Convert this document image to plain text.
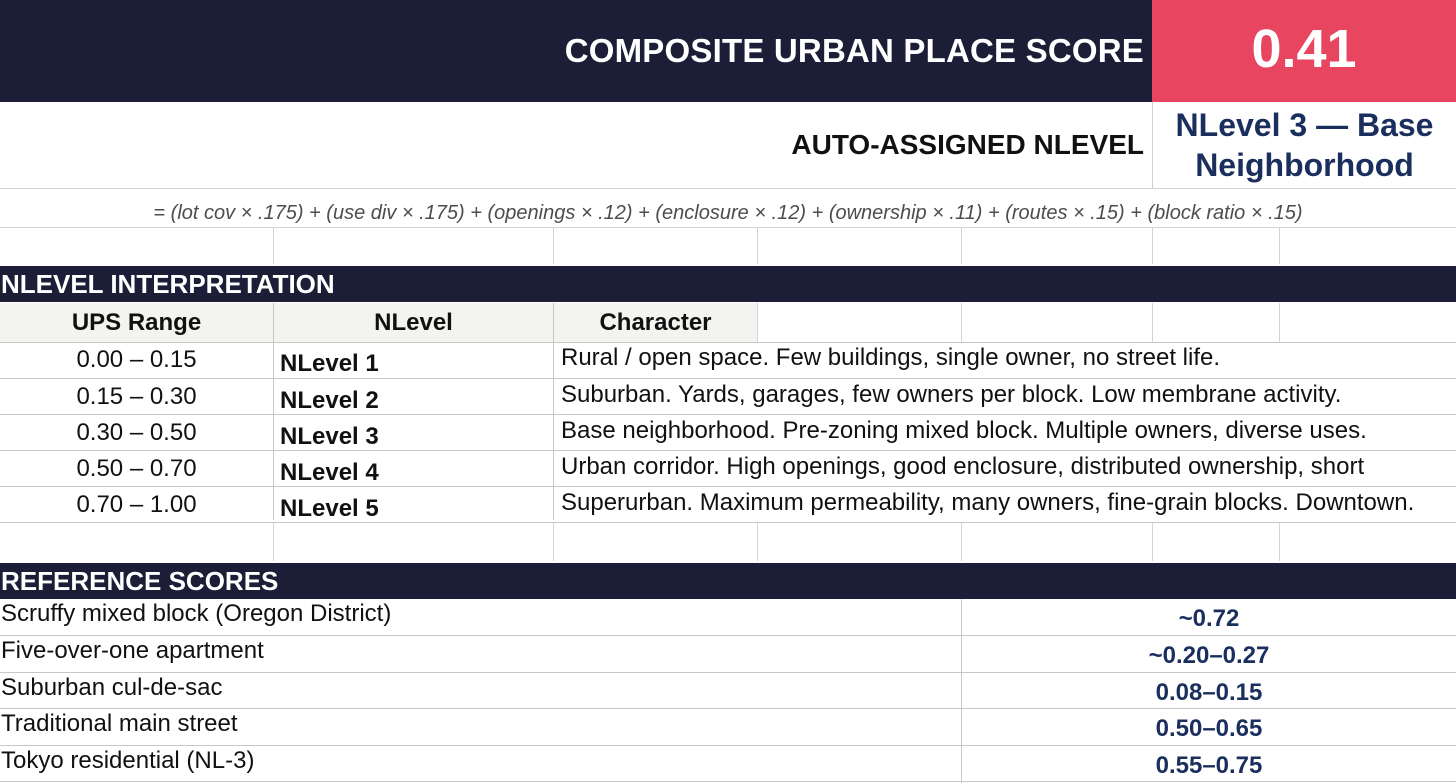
COMPOSITE URBAN PLACE SCORE 0.41
AUTO-ASSIGNED NLEVEL
NLevel 3 — Base
Neighborhood
= (lot cov × .175) + (use div × .175) + (openings × .12) + (enclosure × .12) + (ownership × .11) + (routes × .15) + (block ratio × .15)
NLEVEL INTERPRETATION
UPS Range	NLevel	Character
0.00 – 0.15	NLevel 1	Rural / open space. Few buildings, single owner, no street life.
0.15 – 0.30	NLevel 2	Suburban. Yards, garages, few owners per block. Low membrane activity.
0.30 – 0.50	NLevel 3	Base neighborhood. Pre-zoning mixed block. Multiple owners, diverse uses.
0.50 – 0.70	NLevel 4	Urban corridor. High openings, good enclosure, distributed ownership, short
0.70 – 1.00	NLevel 5	Superurban. Maximum permeability, many owners, fine-grain blocks. Downtown.
REFERENCE SCORES
Scruffy mixed block (Oregon District)	~0.72
Five-over-one apartment	~0.20–0.27
Suburban cul-de-sac	0.08–0.15
Traditional main street	0.50–0.65
Tokyo residential (NL-3)	0.55–0.75
